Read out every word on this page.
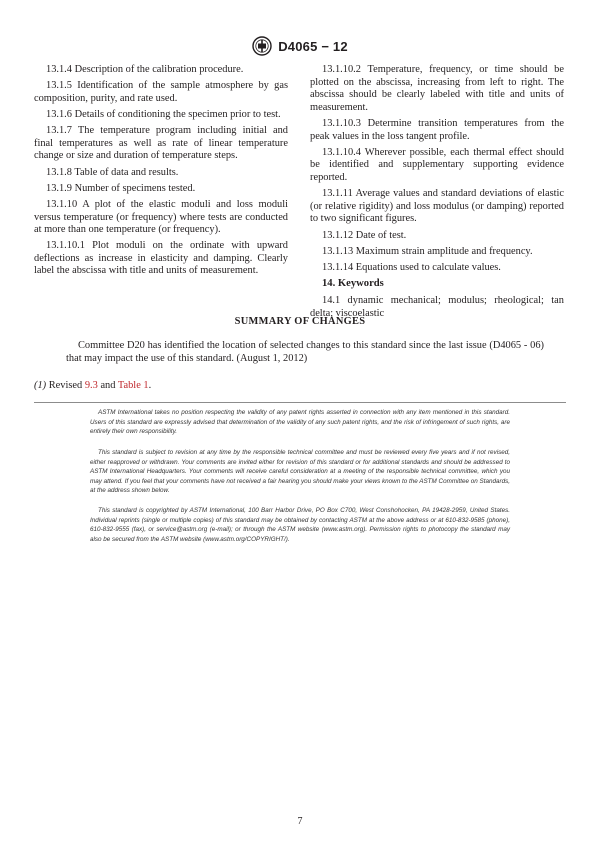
D4065 − 12

13.1.4 Description of the calibration procedure.

13.1.5 Identification of the sample atmosphere by gas composition, purity, and rate used.

13.1.6 Details of conditioning the specimen prior to test.

13.1.7 The temperature program including initial and final temperatures as well as rate of linear temperature change or size and duration of temperature steps.

13.1.8 Table of data and results.

13.1.9 Number of specimens tested.

13.1.10 A plot of the elastic moduli and loss moduli versus temperature (or frequency) where tests are conducted at more than one temperature (or frequency).

13.1.10.1 Plot moduli on the ordinate with upward deflections as increase in elasticity and damping. Clearly label the abscissa with title and units of measurement.

13.1.10.2 Temperature, frequency, or time should be plotted on the abscissa, increasing from left to right. The abscissa should be clearly labeled with title and units of measurement.

13.1.10.3 Determine transition temperatures from the peak values in the loss tangent profile.

13.1.10.4 Wherever possible, each thermal effect should be identified and supplementary supporting evidence reported.

13.1.11 Average values and standard deviations of elastic (or relative rigidity) and loss modulus (or damping) reported to two significant figures.

13.1.12 Date of test.

13.1.13 Maximum strain amplitude and frequency.

13.1.14 Equations used to calculate values.

14. Keywords

14.1 dynamic mechanical; modulus; rheological; tan delta; viscoelastic

SUMMARY OF CHANGES
Committee D20 has identified the location of selected changes to this standard since the last issue (D4065 - 06) that may impact the use of this standard. (August 1, 2012)
(1) Revised 9.3 and Table 1.

ASTM International takes no position respecting the validity of any patent rights asserted in connection with any item mentioned in this standard. Users of this standard are expressly advised that determination of the validity of any such patent rights, and the risk of infringement of such rights, are entirely their own responsibility.

This standard is subject to revision at any time by the responsible technical committee and must be reviewed every five years and if not revised, either reapproved or withdrawn. Your comments are invited either for revision of this standard or for additional standards and should be addressed to ASTM International Headquarters. Your comments will receive careful consideration at a meeting of the responsible technical committee, which you may attend. If you feel that your comments have not received a fair hearing you should make your views known to the ASTM Committee on Standards, at the address shown below.

This standard is copyrighted by ASTM International, 100 Barr Harbor Drive, PO Box C700, West Conshohocken, PA 19428-2959, United States. Individual reprints (single or multiple copies) of this standard may be obtained by contacting ASTM at the above address or at 610-832-9585 (phone), 610-832-9555 (fax), or service@astm.org (e-mail); or through the ASTM website (www.astm.org). Permission rights to photocopy the standard may also be secured from the ASTM website (www.astm.org/COPYRIGHT/).

7
